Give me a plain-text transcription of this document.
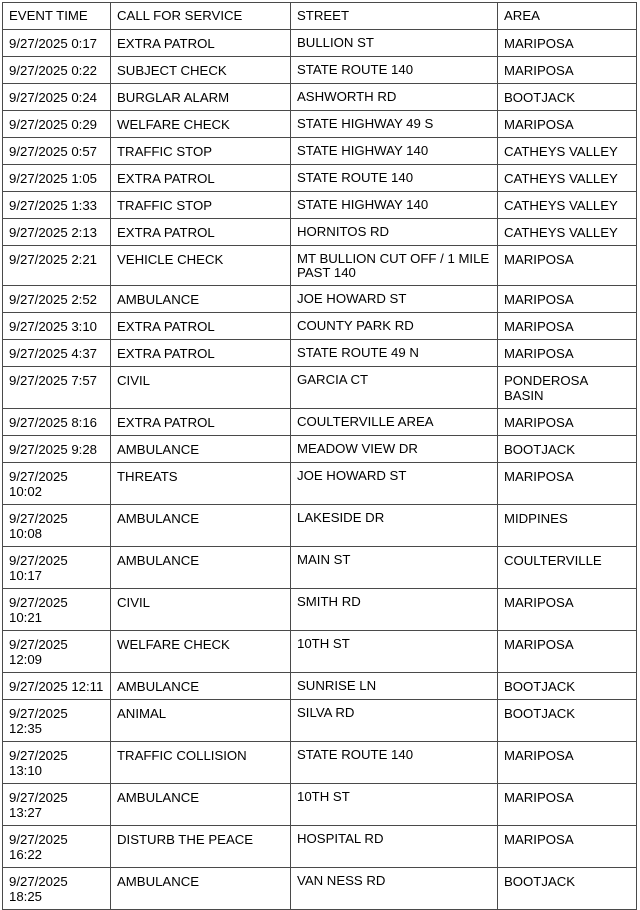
EVENT TIME	CALL FOR SERVICE	STREET	AREA
9/27/2025 0:17	EXTRA PATROL	BULLION ST	MARIPOSA
9/27/2025 0:22	SUBJECT CHECK	STATE ROUTE 140	MARIPOSA
9/27/2025 0:24	BURGLAR ALARM	ASHWORTH RD	BOOTJACK
9/27/2025 0:29	WELFARE CHECK	STATE HIGHWAY 49 S	MARIPOSA
9/27/2025 0:57	TRAFFIC STOP	STATE HIGHWAY 140	CATHEYS VALLEY
9/27/2025 1:05	EXTRA PATROL	STATE ROUTE 140	CATHEYS VALLEY
9/27/2025 1:33	TRAFFIC STOP	STATE HIGHWAY 140	CATHEYS VALLEY
9/27/2025 2:13	EXTRA PATROL	HORNITOS RD	CATHEYS VALLEY
9/27/2025 2:21	VEHICLE CHECK	MT BULLION CUT OFF / 1 MILE PAST 140	MARIPOSA
9/27/2025 2:52	AMBULANCE	JOE HOWARD ST	MARIPOSA
9/27/2025 3:10	EXTRA PATROL	COUNTY PARK RD	MARIPOSA
9/27/2025 4:37	EXTRA PATROL	STATE ROUTE 49 N	MARIPOSA
9/27/2025 7:57	CIVIL	GARCIA CT	PONDEROSA BASIN
9/27/2025 8:16	EXTRA PATROL	COULTERVILLE AREA	MARIPOSA
9/27/2025 9:28	AMBULANCE	MEADOW VIEW DR	BOOTJACK
9/27/2025 10:02	THREATS	JOE HOWARD ST	MARIPOSA
9/27/2025 10:08	AMBULANCE	LAKESIDE DR	MIDPINES
9/27/2025 10:17	AMBULANCE	MAIN ST	COULTERVILLE
9/27/2025 10:21	CIVIL	SMITH RD	MARIPOSA
9/27/2025 12:09	WELFARE CHECK	10TH ST	MARIPOSA
9/27/2025 12:11	AMBULANCE	SUNRISE LN	BOOTJACK
9/27/2025 12:35	ANIMAL	SILVA RD	BOOTJACK
9/27/2025 13:10	TRAFFIC COLLISION	STATE ROUTE 140	MARIPOSA
9/27/2025 13:27	AMBULANCE	10TH ST	MARIPOSA
9/27/2025 16:22	DISTURB THE PEACE	HOSPITAL RD	MARIPOSA
9/27/2025 18:25	AMBULANCE	VAN NESS RD	BOOTJACK
